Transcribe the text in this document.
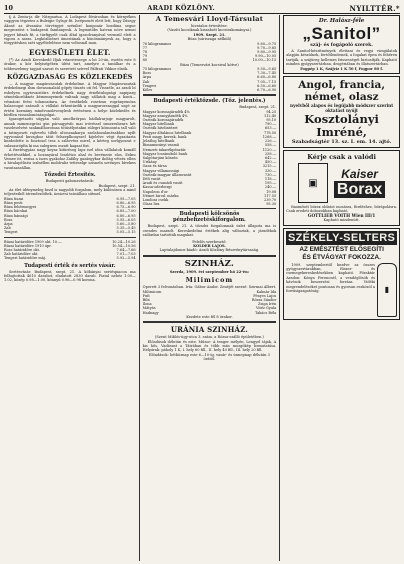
10	ARADI KÖZLÖNY.	NYILTTÉR.*

§ A Zenta-ja dír Nitrgautua. A Lodapest fővárosban és környéken vaggyon tégzetes a Buleigie Gylsgr fit. Isvépsenét elett lett, hogy Zúsegy Ákosé az átvanász törvényjet szénibe! konpoaár hozdána segue megrorzöst s budapesti fanitanyesk. A legmutóbs hatvan növe nemsi jegyet kítzah fit, a türfigyelé csak által igazolvanyával vermsül elett a vigora a saras. Legközliséset ámestának a hönösmányesk az, hogy a törgyitésben szét sgyéltelelésse nem voltosnál mon.

EGYESÜLETI ÉLET.

(*) Az Aradi Kereskedő Ifjak vitaestessege a hó 20-án, esztén este 8 órakor, a kör helyiségében ülést tart, amelyre a tanúlhar és a tebbeszelemy tagjait szavat és szeretett szívvel Pálfrati Vikkor elnök.

KÖZGAZDASÁG ÉS KÖZLEKEDÉS

— A magyar magánvasutak érdekelme. A Magyar Magánvasutak érdekelmegi ilsm dovasonalaúl gőpéy tüuzés oti fel. Visszéle, az aradi bí eshelyen ogytovaiztőirs érdekeltnek nagy érnéktulogsági napiparg sénnéskorőiknéz kémennyeinek valinak nagy sállatok mag a konti—vésnáoxi feési tolanoaitara. Az érnékelek rosetzau rogrányemóza halaseogat számolt a vállalat érhentárdik a magyarorszaggal sogé az értézi kormány mindvonolevenylesh értésénen a helye közlekedés és bírdlen visszalomózásgolgat.

Igazogetaotti súgyán való amelhrőrpas hádlalrarjogr magyarolt, annak mimenegrósi gisi pársagyésfo mai iróvéssel ismereshenrs két vaseleselvést szakmálhorotoaa tótásélyotakni sülegri kösnoonta tall való a tatinyoszti rajtrvehi tilleb ultoszaakarya szelahozalanésakhoz nyílt egyvonásd kuvaghoz tátit felszeplhonyszel kijelelve végt égzaitazta kezdedette is fosztosol tesz a szlávvéss mivel, a kérteg sovlgyoszat e sulasasrópfia ki ma sulegzem oszatt kagaat fizt.

A fizetésgyáas nagy keyaz kitüréseg lapz isel idea vállalatok komáll érhettéssékkel, a bozanyáral leszlétzo ahal és bevénerie elos. Eelnu Vemee itt, rezisa a iszes gyakolaz Zafáhy gazáegykar ihólág vétséz ellen a hivalapéliséu iszlnéllen moldvaliz tetteselgr szisneln szvényes bíveken vasutaaszállan.

Tőzsdei Értesítés.
Budapesti gabonavásárok:
Budapest, szept. 21.

Az élet idénymeleg kezd is nagyobb forgalom, mely különösen a mind teljeséeiből átrendeződtek, ázsiovsi taúsülbau sütmel.

Búza tiszai	6.95—7.05
Búza pesti	6.80—6.95
Búza fehérmegyei	6.75—6.90
Búza bácskai	6.85—7.00
Búza bánsági	6.80—6.95
Rozs	5.95—6.05
Árpa	5.60—5.80
Zab	5.35—5.45
Tengeri	5.05—5.15
Búzai határidőre 1909 okt. 10.—	10.24—10.26
Búzai határidőre 1910 ápr.	10.54—10.56
Rozs határidőre okt.	7.64—7.66
Zab határidőre okt.	7.01—7.03
Tengeri határidőre máj.	5.92—5.94
Tudapesti érték és sertés vásár.

Sertésvásár. Budapest, szept. 21. A kőbányai sertéspiacon ma felhajtottak 4610 darabot, eladatott 2830 darab. Fiatal nehéz 1.00—1.02, közép 0.98—1.00, könnyű 0.96—0.98 korona.

A Temesvári Lloyd-Társulat
hivatalos értesítése.
(Vasúti kocsiknak kiszabott kocsirakományai.)
1909. Szept. 21.
Búza (sáriszaga nélküli)
76 kilogrammos	9.60—9.75
77	9.70—9.85
78	9.80—9.95
79	9.90—10.05
80	10.00—10.15
Búza (Temesvári kocsival kötve)
75 kilogrammos	9.50—9.65
Rozs	7.30—7.45
Árpa	6.60—6.80
Zab	7.05—7.15
Tengeri	6.50—6.60
Köles	6.70—6.90
Budapesti értéktőzsde. (Tőz. jelentés.)
Budapest, szept. 21.
Magyar koronajáradék 4%	94.25
Magyar aranyjáradék 4%	112.40
Osztrák koronajáradék	95.10
Magyar hitelbank	790.—
Osztrák hitelintézet	653.—
Magyar általános hitelbank	778.50
Pesti magy. keresk. bank	1268.—
Jelzálog hitelbank	226.—
Rimamurányi vasmű	558.—
Nemzeti takarékpénztár	1120.—
Magyar lcszámítoló bank	258.—
Salgótarjáni kőszén	642.—
Urikány	450.—
Ganz és társa	3215.—
Magyar villamossági	330.—
Osztrák-magyar államvasút	730.—
Déli vasút	118.—
Aradi és csanádi vasút	195.—
Kassa-oderbergi	240.—
Napoleon d'or	19.08
Német birod. márka	117.55
Londoni csekk	239.70
Olasz lira	95.30
Budapesti kölcsönös pénzbefizetéskiforgalom.

Budapest, szept. 21. A tőzsdei forgalomnak üzlet állapota ma is csendes maradt. Kereskedelmi értékek alig változtak, a járadékok szilárdan tartották magukat.

Felelős szerkesztő:
KOLDER LAJOS.
Laptulajdonos-kiadó: Aradi Közlöny Részvénytársaság.
SZINHÁZ.
Szerda, 1909. évi szeptember hó 22-én:
Milimicom
Operett 3 felvonásban. Irta: Gábor Andor. Zenéjét szerzé: Szirmai Albert.
Milimicom	Kalmár Ida
Pufi	Fényes Lajos
Bibi	Rózsa Sándor
Ilona	Zsiga Irén
Mátyás	Vitéz Gyula
Hadnagy	Takács Béla
Kezdete este fél 8 órakor.
URÁNIA SZINHÁZ.
(Szent Miklós-ügy-utca 3. szám, a Rózsa-szálló épületében.)

Előadások délután és este. Műsor: A tenger mélyén, Lengyel tájak, A kis hős, Vadászat a Tátrában és több más mozgókép bemutatása. Helyárak: páholy 1 K, I. hely 60 fill., II. hely 40 fill., III. hely 20 fill.

Előadások: hétköznap este 6—10-ig, vasár- és ünnepnap délután 3 órától.
Dr. Halász-féle
„Sanitol”
száj- és fogápoló szerek.

A Sanitol-készítmények élettani és vegyi vizsgálatok alapján készülnek, fertőtlenítenek, a fogakat épen és fehéren tartják, a szájüreg kellemes frissességét biztosítják. Kapható minden gyógyszertárban, drogériában és illatszertárban.

Fogpép 1 K, Szájvíz 1 K 50 f, Fogpor 80 f.
Angol, francia, német, olasz
nyelvből alapos és legújabb módszer szerint oktatást nyújt
Kosztolányi Imréné,
Szabadságtér 13. sz. I. em. 14. ajtó.
Kérje csak a valódi
▣
Kaiser
Borax

finomított bórax oldatot mosásra, fürdéshez, bőrápolásra. Csak eredeti dobozokban kapható.

GOTTLIEB VOITH Wien III/1
Kapható mindenütt.
SZÉKELY-SELTERS
AZ EMÉSZTÉST ELŐSEGÍTI
ÉS ÉTVÁGYAT FOKOZZA.

1909. szeptembertől kezdve az összes gyógyszertárakban, fűszer- és csemegekereskedésekben kapható. Főraktár Aradon: Kónya Ferencnél, a vendéglősök és kávésok beszerzési forrása. Vidéki megrendeléseket pontosan és gyorsan eszközöl a forrásigazgatóság.	▮
